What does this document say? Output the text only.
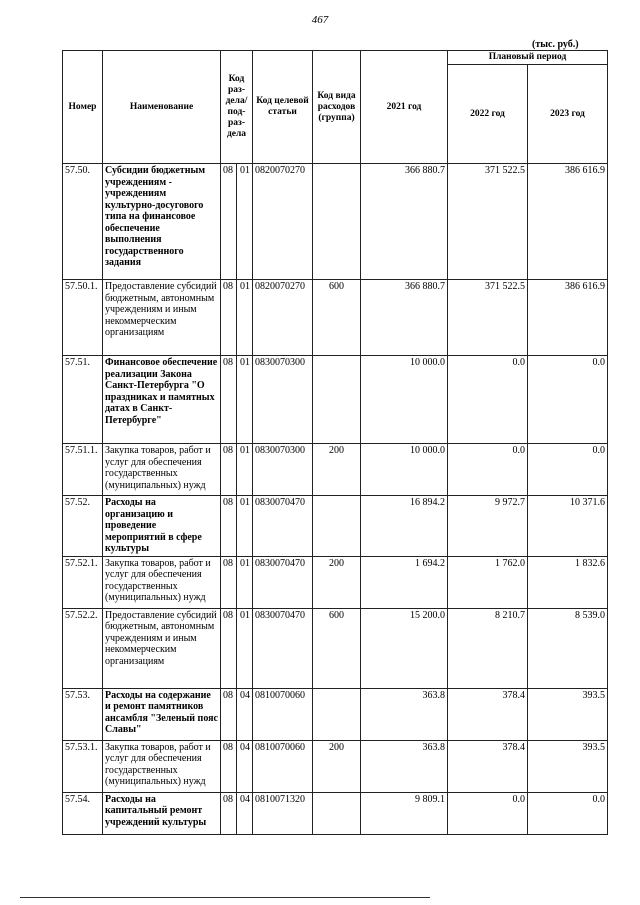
467
(тыс. руб.)
Номер	Наименование	Код раз-дела/ под-раз-дела		Код целевой статьи	Код вида расходов (группа)	2021 год	Плановый период	
							2022 год	2023 год
57.50.	Субсидии бюджетным учреждениям - учреждениям культурно-досугового типа на финансовое обеспечение выполнения государственного задания	08	01	0820070270		366 880.7	371 522.5	386 616.9
57.50.1.	Предоставление субсидий бюджетным, автономным учреждениям и иным некоммерческим организациям	08	01	0820070270	600	366 880.7	371 522.5	386 616.9
57.51.	Финансовое обеспечение реализации Закона Санкт-Петербурга "О праздниках и памятных датах в Санкт-Петербурге"	08	01	0830070300		10 000.0	0.0	0.0
57.51.1.	Закупка товаров, работ и услуг для обеспечения государственных (муниципальных) нужд	08	01	0830070300	200	10 000.0	0.0	0.0
57.52.	Расходы на организацию и проведение мероприятий в сфере культуры	08	01	0830070470		16 894.2	9 972.7	10 371.6
57.52.1.	Закупка товаров, работ и услуг для обеспечения государственных (муниципальных) нужд	08	01	0830070470	200	1 694.2	1 762.0	1 832.6
57.52.2.	Предоставление субсидий бюджетным, автономным учреждениям и иным некоммерческим организациям	08	01	0830070470	600	15 200.0	8 210.7	8 539.0
57.53.	Расходы на содержание и ремонт памятников ансамбля "Зеленый пояс Славы"	08	04	0810070060		363.8	378.4	393.5
57.53.1.	Закупка товаров, работ и услуг для обеспечения государственных (муниципальных) нужд	08	04	0810070060	200	363.8	378.4	393.5
57.54.	Расходы на капитальный ремонт учреждений культуры	08	04	0810071320		9 809.1	0.0	0.0
